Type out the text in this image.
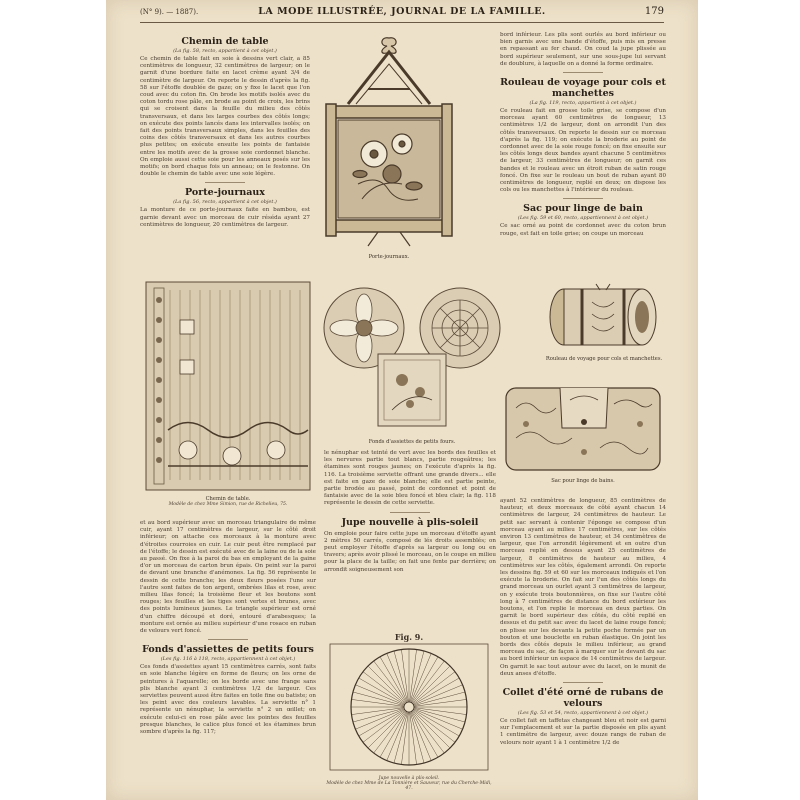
(N° 9). — 1887).	LA MODE ILLUSTRÉE, JOURNAL DE LA FAMILLE.	179

Chemin de table

(La fig. 58, recto, appartient à cet objet.)

Ce chemin de table fait en soie à dessins vert clair, a 85 centimètres de longueur, 32 centimètres de largeur; on le garnit d'une bordure faite en lacet crème ayant 3/4 de centimètre de largeur. On reporte le dessin d'après la fig. 58 sur l'étoffe doublée de gaze; on y fixe le lacet que l'on coud avec du coton fin. On brode les motifs isolés avec du coton tordu rose pâle, en brode au point de croix, les brins qui se croisent dans la feuille du milieu des côtés transversaux, et dans les larges courbes des côtés longs; on exécute des points lancés dans les intervalles isolés; on fait des points transversaux simples, dans les feuilles des coins des côtés transversaux et dans les autres courbes plus petites; on exécute ensuite les points de fantaisie entre les motifs avec de la grosse soie cordonnet blanche. On emploie aussi cette soie pour les anneaux posés sur les motifs; on bord chaque fois un anneau; on le festonne. On double le chemin de table avec une soie légère.

Porte-journaux

(La fig. 56, recto, appartient à cet objet.)

La monture de ce porte-journaux faite en bambou, est garnie devant avec un morceau de cuir réséda ayant 27 centimètres de longueur, 20 centimètres de largeur.

Porte-journaux.

Chemin de table.

Modèle de chez Mme Simion, rue de Richelieu, 75.

Fonds d'assiettes de petits fours.

et au bord supérieur avec un morceau triangulaire de même cuir, ayant 17 centimètres de largeur, sur le côté droit inférieur; on attache ces morceaux à la monture avec d'étroites courroies en cuir. Le cuir peut être remplacé par de l'étoffe; le dessin est exécuté avec de la laine ou de la soie au passé. On fixe à la paroi du bas en employant de la gaine d'or un morceau de carton brun épais. On peint sur la paroi de devant une branche d'anémones. La fig. 56 représente le dessin de cette branche; les deux fleurs posées l'une sur l'autre sont faites de ton argent, ombrées lilas et rose, avec milieu lilas foncé; la troisième fleur et les boutons sont rouges; les feuilles et les tiges sont vertes et brunes, avec des points lumineux jaunes. Le triangle supérieur est orné d'un chiffre découpé et doré, entouré d'arabesques; la monture est ornée au milieu supérieur d'une rosace en ruban de velours vert foncé.

Fonds d'assiettes de petits fours

(Les fig. 116 à 118, recto, appartiennent à cet objet.)

Ces fonds d'assiettes ayant 15 centimètres carrés, sont faits en soie blanche légère en forme de fleurs; on les orne de peintures à l'aquarelle; on les borde avec une frange sans plis blanche ayant 3 centimètres 1/2 de largeur. Ces serviettes peuvent aussi être faites en toile fine ou batiste; on les peint avec des couleurs lavables. La serviette n° 1 représente un nénuphar, la serviette n° 2 un œillet; on exécute celui-ci en rose pâle avec les pointes des feuilles presque blanches, le calice plus foncé et les étamines brun sombre d'après la fig. 117;

le nénuphar est teinté de vert avec les bords des feuilles et les nervures partie tout blancs, partie rougeâtres; les étamines sont rouges jaunes; on l'exécute d'après la fig. 116. La troisième serviette offrant une grande divers... elle est faite en gaze de soie blanche; elle est partie peinte, partie brodée au passé, point de cordonnet et point de fantaisie avec de la soie bleu foncé et bleu clair; la fig. 118 représente le dessin de cette serviette.

Jupe nouvelle à plis-soleil

On emploie pour faire cette jupe un morceau d'étoffe ayant 2 mètres 50 carrés, composé de lés droits assemblés; on peut employer l'étoffe d'après sa largeur ou long ou en travers; après avoir plissé le morceau, on le coupe en milieu pour la place de la taille; on fait une fente par derrière; on arrondit soigneusement son

Fig. 9.

Jupe nouvelle à plis-soleil.

Modèle de chez Mme de La Tonnière et Sauveur, rue du Cherche-Midi, 47.

bord inférieur. Les plis sont ourlés au bord inférieur ou bien garnis avec une bande d'étoffe, puis mis en presse en repassant au fer chaud. On coud la jupe plissée au bord supérieur seulement, sur une sous-jupe lui servant de doublure, à laquelle on a donné la forme ordinaire.

Rouleau de voyage pour cols et manchettes

(La fig. 119, recto, appartient à cet objet.)

Ce rouleau fait en grosse toile grise, se compose d'un morceau ayant 60 centimètres de longueur, 13 centimètres 1/2 de largeur, dont on arrondit l'un des côtés transversaux. On reporte le dessin sur ce morceau d'après la fig. 119; on exécute la broderie au point de cordonnet avec de la soie rouge foncé; on fixe ensuite sur les côtés longs deux bandes ayant chacune 5 centimètres de largeur, 33 centimètres de longueur; on garnit ces bandes et le rouleau avec un étroit ruban de satin rouge foncé. On fixe sur le rouleau un bout de ruban ayant 80 centimètres de longueur, replié en deux; on dispose les cols ou les manchettes à l'intérieur du rouleau.

Sac pour linge de bain

(Les fig. 59 et 60, recto, appartiennent à cet objet.)

Ce sac orné au point de cordonnet avec du coton brun rouge, est fait en toile grise; on coupe un morceau

Rouleau de voyage pour cols et manchettes.

Sac pour linge de bains.

ayant 52 centimètres de longueur, 85 centimètres de hauteur, et deux morceaux de côté ayant chacun 14 centimètres de largeur, 24 centimètres de hauteur. Le petit sac servant à contenir l'éponge se compose d'un morceau ayant au milieu 17 centimètres, sur les côtés environ 13 centimètres de hauteur, et 34 centimètres de largeur, que l'on arrondit légèrement et en outre d'un morceau replié en dessus ayant 25 centimètres de largeur, 8 centimètres de hauteur au milieu, 4 centimètres sur les côtés, également arrondi. On reporte les dessins fig. 59 et 60 sur les morceaux indiqués et l'on exécute la broderie. On fait sur l'un des côtés longs du grand morceau un ourlet ayant 3 centimètres de largeur, on y exécute trois boutonnières, on fixe sur l'autre côté long à 7 centimètres de distance du bord extérieur les boutons, et l'on replie le morceau en deux parties. On garnit le bord supérieur des côtés, du côté replié en dessus et du petit sac avec du lacet de laine rouge foncé; on plisse sur les devants la petite poche formée par un bouton et une bouclette en ruban élastique. On joint les bords des côtés depuis le milieu inférieur, au grand morceau du sac, de façon à marquer sur le devant du sac au bord inférieur un espace de 14 centimètres de largeur. On garnit le sac tout autour avec du lacet, on le munit de deux anses d'étoffe.

Collet d'été orné de rubans de velours

(Les fig. 53 et 54, recto, appartiennent à cet objet.)

Ce collet fait en taffetas changeant bleu et noir est garni sur l'emplacement et sur la partie disposée en plis ayant 1 centimètre de largeur, avec douze rangs de ruban de velours noir ayant 1 à 1 centimètre 1/2 de
